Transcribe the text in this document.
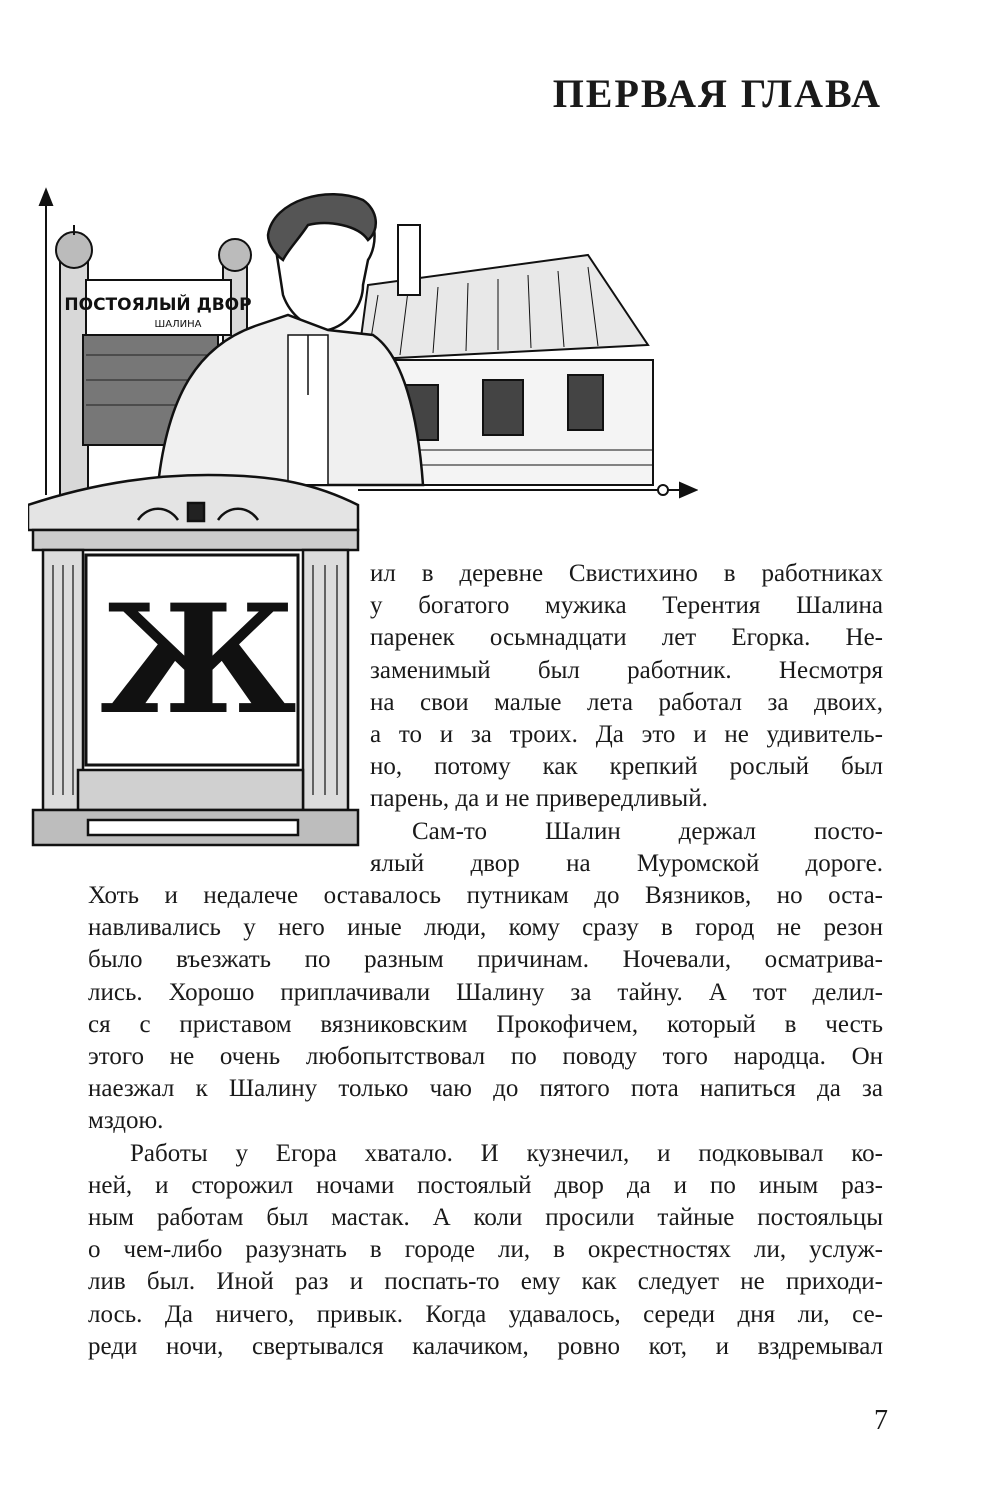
ПЕРВАЯ ГЛАВА
ПОСТОЯЛЫЙ ДВОР
ШАЛИНА
Ж	ил в деревне Свистихино в работниках
у богатого мужика Терентия Шалина
паренек осьмнадцати лет Егорка. Не-
заменимый был работник. Несмотря
на свои малые лета работал за двоих,
а то и за троих. Да это и не удивитель-
но, потому как крепкий рослый был
парень, да и не привередливый.
Сам-то Шалин держал посто-
ялый двор на Муромской дороге.
Хоть и недалече оставалось путникам до Вязников, но оста-
навливались у него иные люди, кому сразу в город не резон
было въезжать по разным причинам. Ночевали, осматрива-
лись. Хорошо приплачивали Шалину за тайну. А тот делил-
ся с приставом вязниковским Прокофичем, который в честь
этого не очень любопытствовал по поводу того народца. Он
наезжал к Шалину только чаю до пятого пота напиться да за
мздою.
Работы у Егора хватало. И кузнечил, и подковывал ко-
ней, и сторожил ночами постоялый двор да и по иным раз-
ным работам был мастак. А коли просили тайные постояльцы
о чем-либо разузнать в городе ли, в окрестностях ли, услуж-
лив был. Иной раз и поспать-то ему как следует не приходи-
лось. Да ничего, привык. Когда удавалось, середи дня ли, се-
реди ночи, свертывался калачиком, ровно кот, и вздремывал
7
